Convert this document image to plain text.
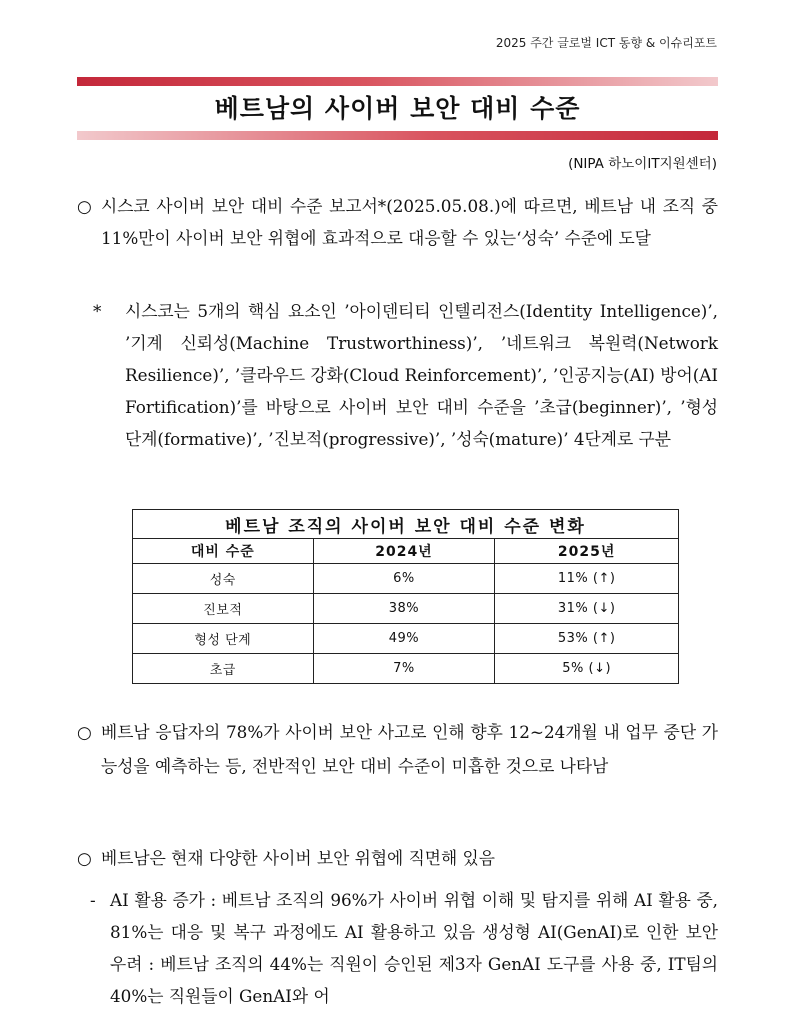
2025 주간 글로벌 ICT 동향 & 이슈리포트
베트남의 사이버 보안 대비 수준
(NIPA 하노이IT지원센터)
○ 시스코 사이버 보안 대비 수준 보고서*(2025.05.08.)에 따르면, 베트남 내 조직 중 11%만이 사이버 보안 위협에 효과적으로 대응할 수 있는‘성숙’ 수준에 도달
*	시스코는 5개의 핵심 요소인 ’아이덴티티 인텔리전스(Identity Intelligence)’, ’기계 신뢰성(Machine Trustworthiness)’, ’네트워크 복원력(Network Resilience)’, ’클라우드 강화(Cloud Reinforcement)’, ’인공지능(AI) 방어(AI Fortification)’를 바탕으로 사이버 보안 대비 수준을 ’초급(beginner)’, ’형성 단계(formative)’, ’진보적(progressive)’, ’성숙(mature)’ 4단계로 구분
베트남 조직의 사이버 보안 대비 수준 변화		
대비 수준	2024년	2025년
성숙	6%	11% (↑)
진보적	38%	31% (↓)
형성 단계	49%	53% (↑)
초급	7%	5% (↓)
○ 베트남 응답자의 78%가 사이버 보안 사고로 인해 향후 12~24개월 내 업무 중단 가능성을 예측하는 등, 전반적인 보안 대비 수준이 미흡한 것으로 나타남
○ 베트남은 현재 다양한 사이버 보안 위협에 직면해 있음
- AI 활용 증가 : 베트남 조직의 96%가 사이버 위협 이해 및 탐지를 위해 AI 활용 중, 81%는 대응 및 복구 과정에도 AI 활용하고 있음 생성형 AI(GenAI)로 인한 보안 우려 : 베트남 조직의 44%는 직원이 승인된 제3자 GenAI 도구를 사용 중, IT팀의 40%는 직원들이 GenAI와 어
